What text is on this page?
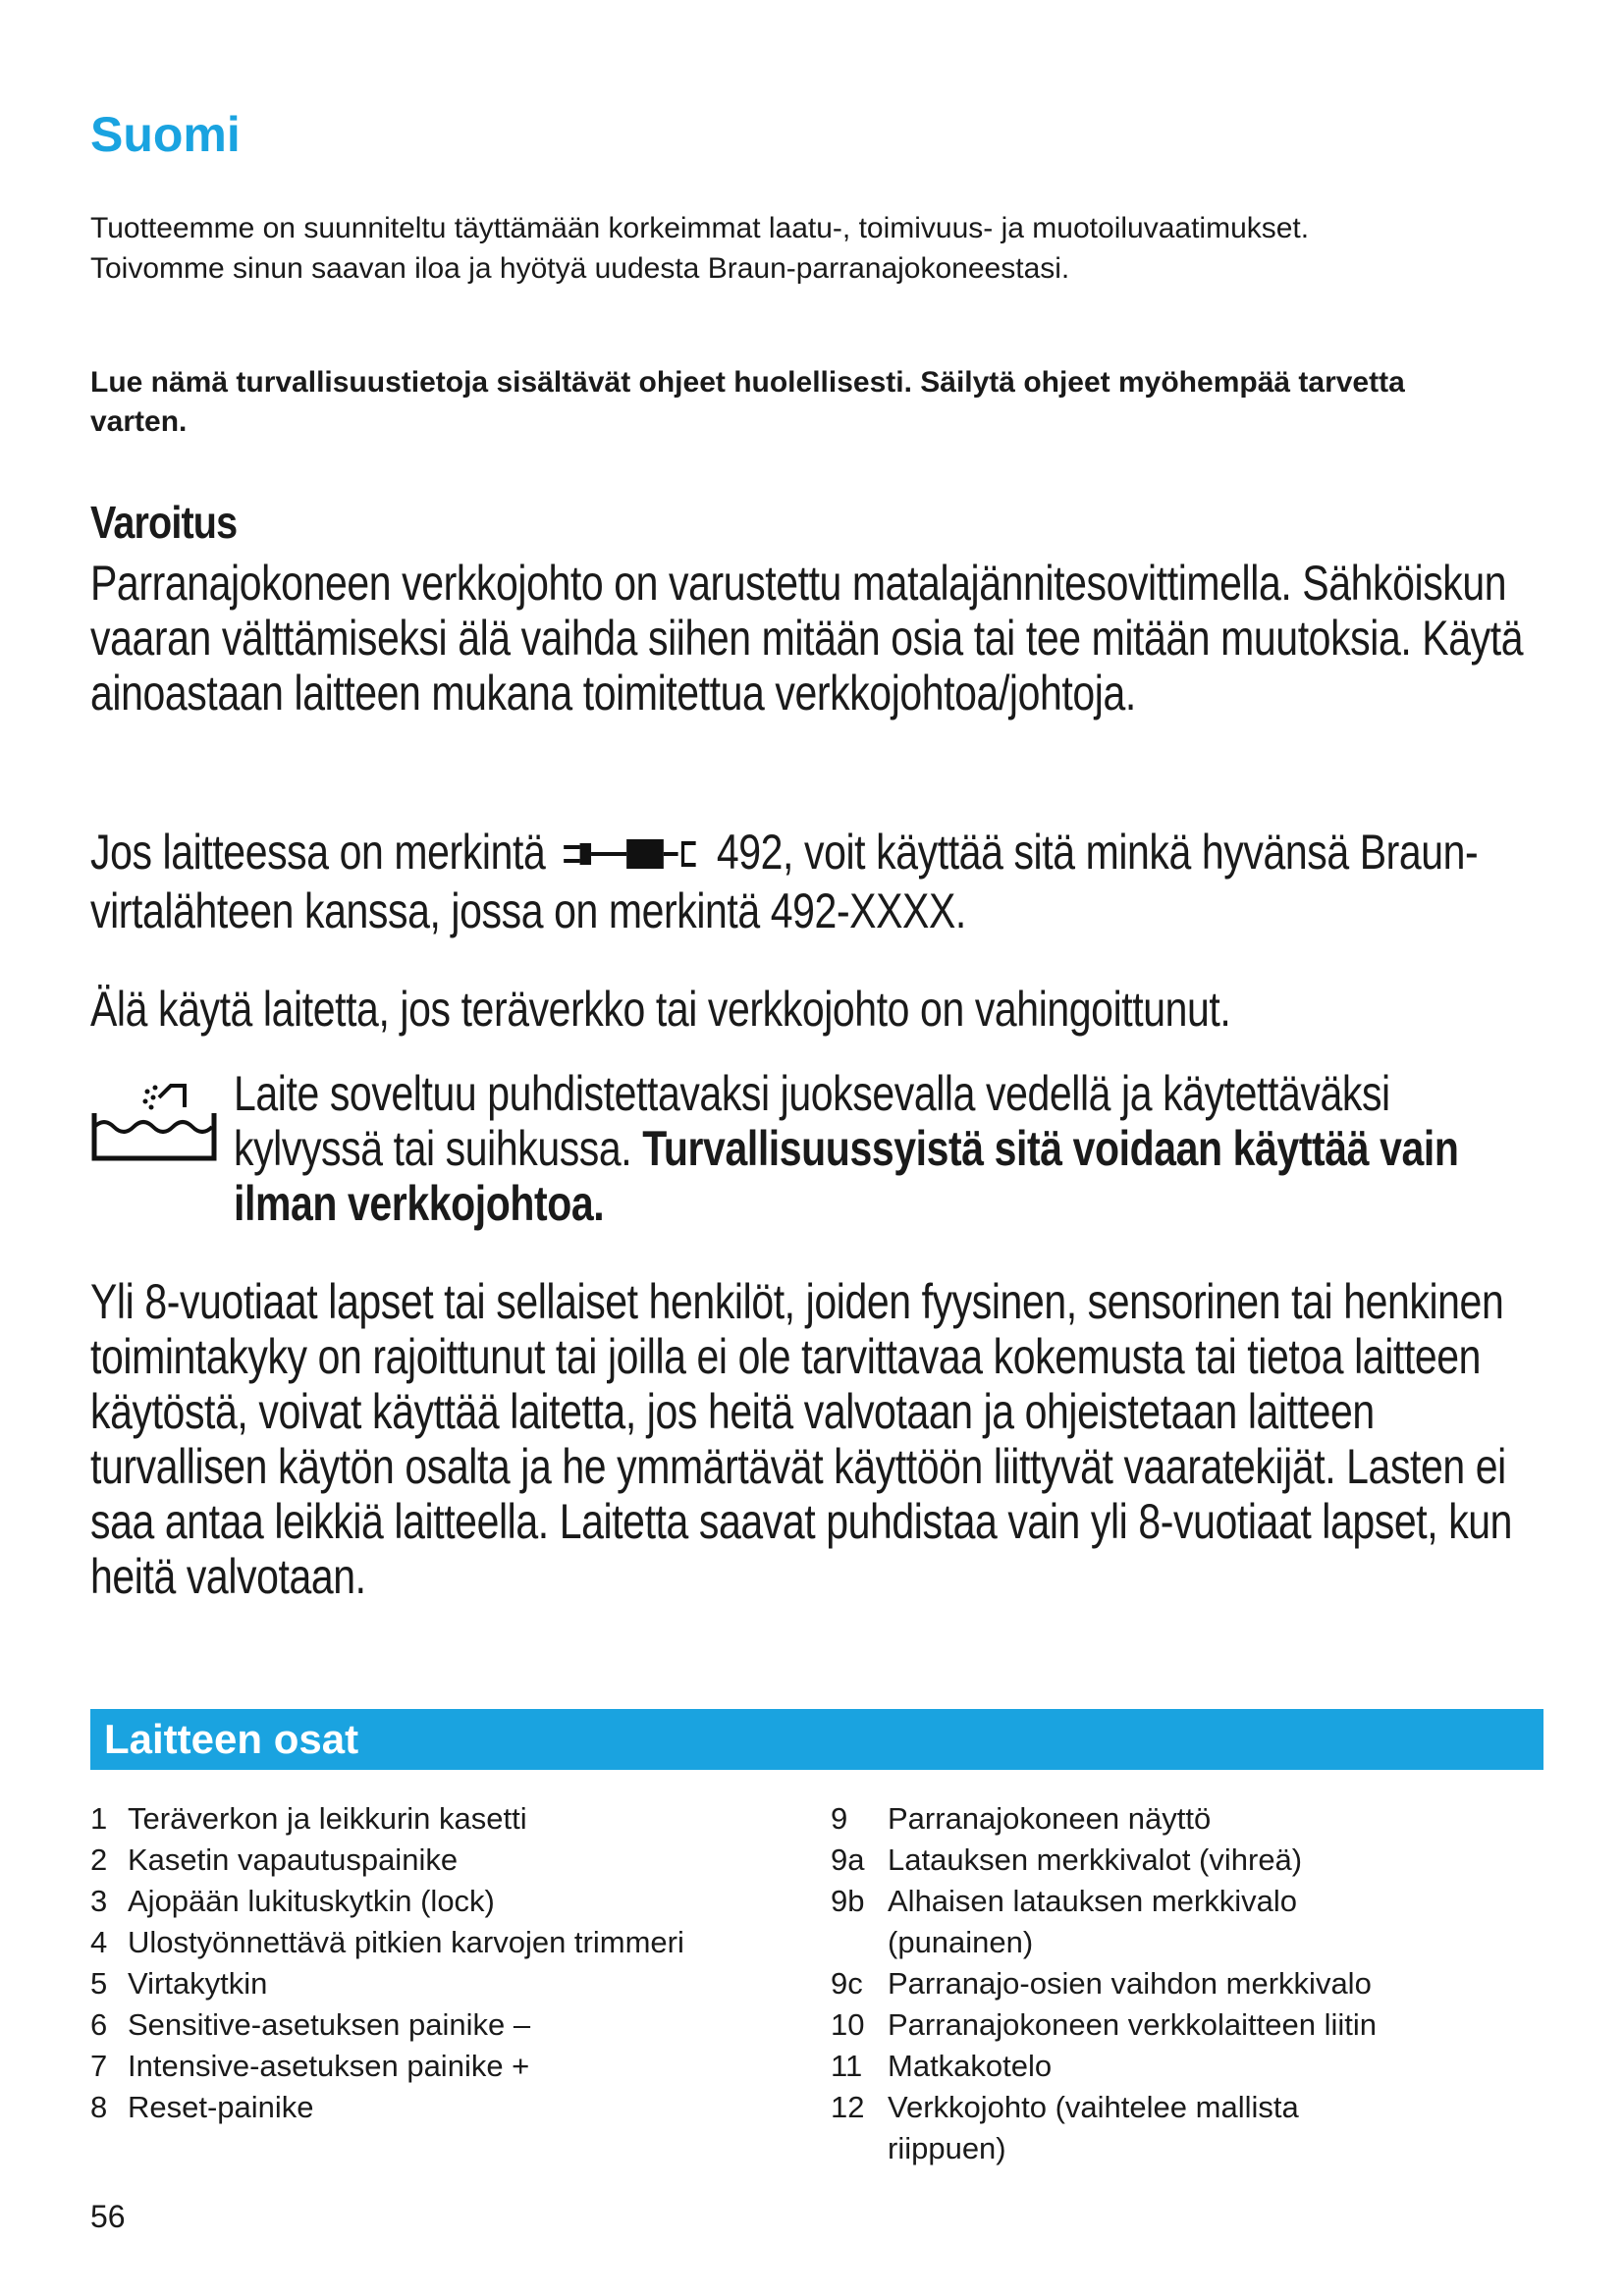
Suomi

Tuotteemme on suunniteltu täyttämään korkeimmat laatu-, toimivuus- ja muotoiluvaatimukset. Toivomme sinun saavan iloa ja hyötyä uudesta Braun-parranajokoneestasi.

Lue nämä turvallisuustietoja sisältävät ohjeet huolellisesti. Säilytä ohjeet myöhempää tarvetta varten.

Varoitus

Parranajokoneen verkkojohto on varustettu matalajännitesovittimella. Sähköiskun vaaran välttämiseksi älä vaihda siihen mitään osia tai tee mitään muutoksia. Käytä ainoastaan laitteen mukana toimitettua verkkojohtoa/johtoja.

Jos laitteessa on merkintä	492, voit käyttää sitä minkä hyvänsä Braun-virtalähteen kanssa, jossa on merkintä 492-XXXX.

Älä käytä laitetta, jos teräverkko tai verkkojohto on vahingoittunut.

Laite soveltuu puhdistettavaksi juoksevalla vedellä ja käytettäväksi kylvyssä tai suihkussa. Turvallisuussyistä sitä voidaan käyttää vain ilman verkkojohtoa.

Yli 8-vuotiaat lapset tai sellaiset henkilöt, joiden fyysinen, sensorinen tai henkinen toimintakyky on rajoittunut tai joilla ei ole tarvittavaa kokemusta tai tietoa laitteen käytöstä, voivat käyttää laitetta, jos heitä valvotaan ja ohjeistetaan laitteen turvallisen käytön osalta ja he ymmärtävät käyttöön liittyvät vaaratekijät. Lasten ei saa antaa leikkiä laitteella. Laitetta saavat puhdistaa vain yli 8-vuotiaat lapset, kun heitä valvotaan.

Laitteen osat
1 Teräverkon ja leikkurin kasetti
2 Kasetin vapautuspainike
3 Ajopään lukituskytkin (lock)
4 Ulostyönnettävä pitkien karvojen trimmeri
5 Virtakytkin
6 Sensitive-asetuksen painike –
7 Intensive-asetuksen painike +
8 Reset-painike
9	Parranajokoneen näyttö
9a Latauksen merkkivalot (vihreä)
9b Alhaisen latauksen merkkivalo (punainen)
9c Parranajo-osien vaihdon merkkivalo
10 Parranajokoneen verkkolaitteen liitin
11 Matkakotelo
12 Verkkojohto (vaihtelee mallista riippuen)
56
